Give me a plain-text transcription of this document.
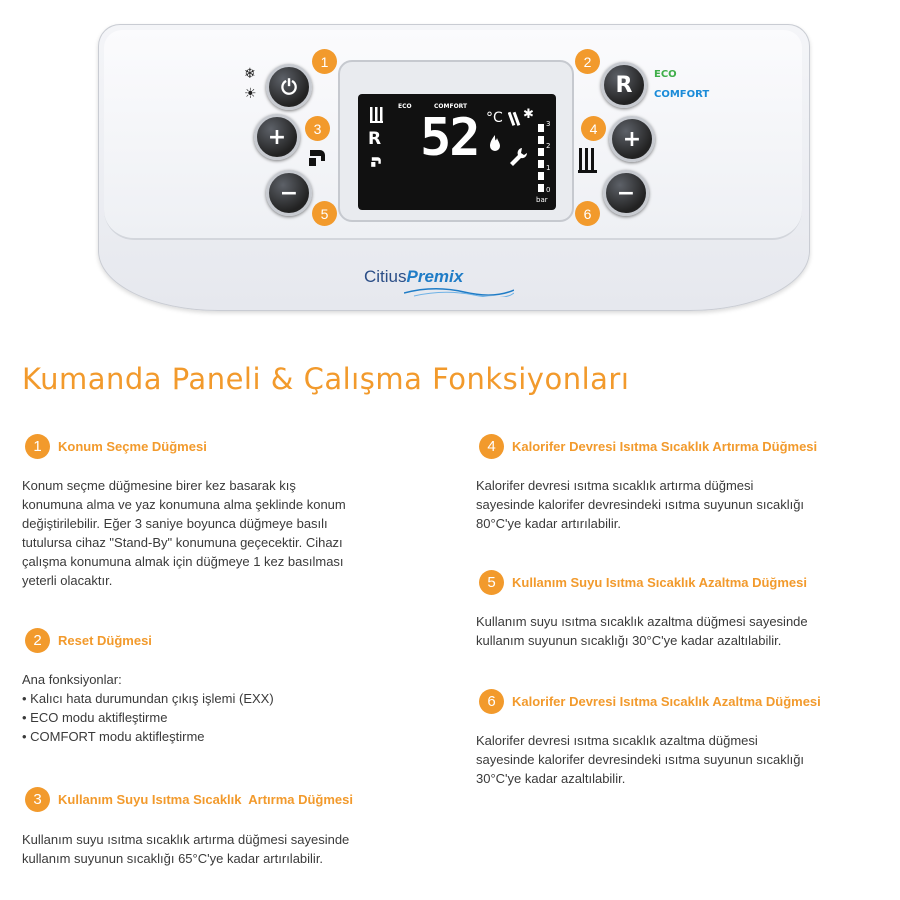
❄
☀	⏻
+
−
R
+
−
1	2
3	4
5	6
ECO
COMFORT
ECO	COMFORT
R 52 °C ✱
3
2
1
0
bar
CitiusPremix
Kumanda Paneli & Çalışma Fonksiyonları
1	Konum Seçme Düğmesi

Konum seçme düğmesine birer kez basarak kış

konumuna alma ve yaz konumuna alma şeklinde konum

değiştirilebilir. Eğer 3 saniye boyunca düğmeye basılı

tutulursa cihaz "Stand-By" konumuna geçecektir. Cihazı

çalışma konumuna almak için düğmeye 1 kez basılması

yeterli olacaktır.

2	Reset Düğmesi

Ana fonksiyonlar:

• Kalıcı hata durumundan çıkış işlemi (EXX)
• ECO modu aktifleştirme
• COMFORT modu aktifleştirme
3	Kullanım Suyu Isıtma Sıcaklık  Artırma Düğmesi

Kullanım suyu ısıtma sıcaklık artırma düğmesi sayesinde

kullanım suyunun sıcaklığı 65°C'ye kadar artırılabilir.

4	Kalorifer Devresi Isıtma Sıcaklık Artırma Düğmesi

Kalorifer devresi ısıtma sıcaklık artırma düğmesi

sayesinde kalorifer devresindeki ısıtma suyunun sıcaklığı

80°C'ye kadar artırılabilir.

5	Kullanım Suyu Isıtma Sıcaklık Azaltma Düğmesi

Kullanım suyu ısıtma sıcaklık azaltma düğmesi sayesinde

kullanım suyunun sıcaklığı 30°C'ye kadar azaltılabilir.

6	Kalorifer Devresi Isıtma Sıcaklık Azaltma Düğmesi

Kalorifer devresi ısıtma sıcaklık azaltma düğmesi

sayesinde kalorifer devresindeki ısıtma suyunun sıcaklığı

30°C'ye kadar azaltılabilir.
